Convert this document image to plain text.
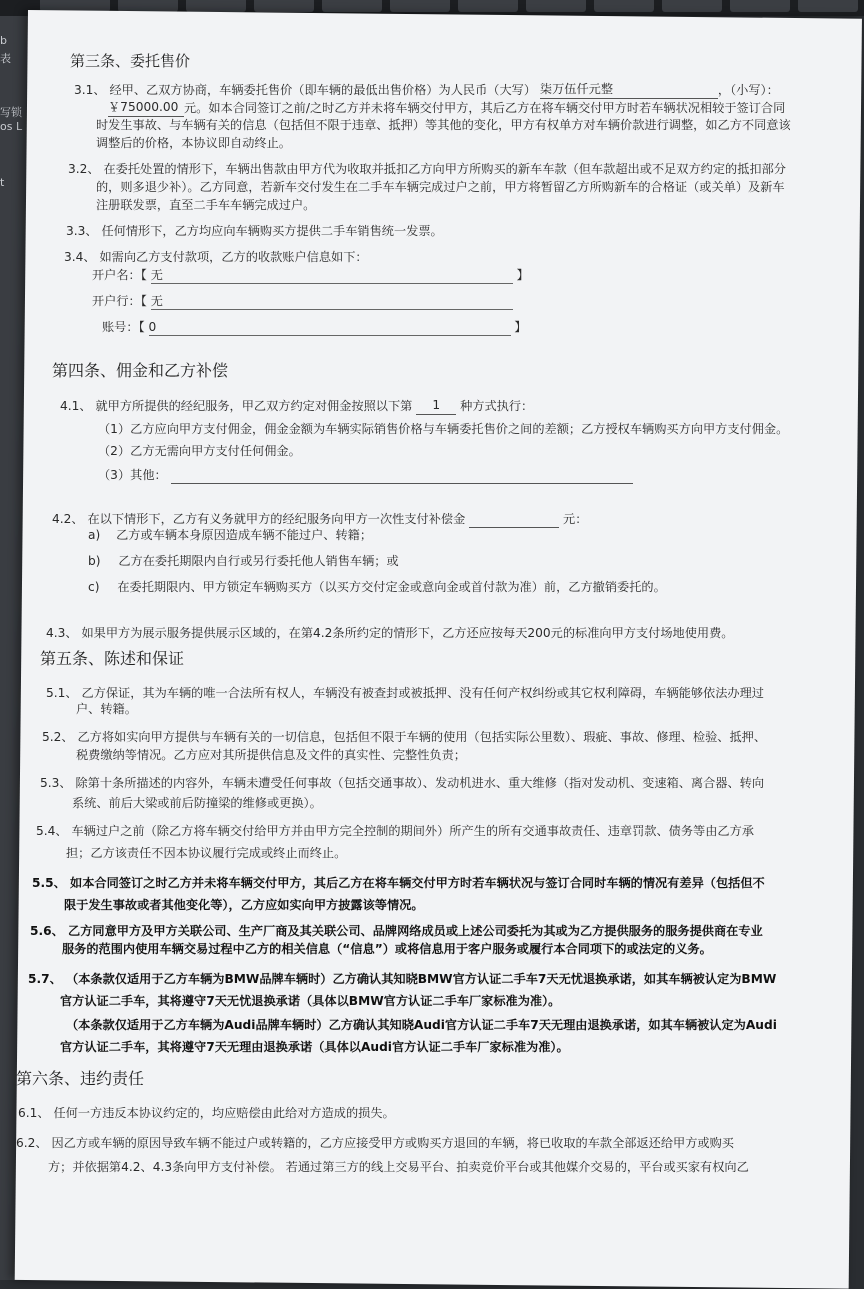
b
表
写锁
os L
t
第三条、委托售价
3.1、 经甲、乙双方协商，车辆委托售价（即车辆的最低出售价格）为人民币（大写） 柒万伍仟元整	，（小写）：
￥75000.00 元。如本合同签订之前/之时乙方并未将车辆交付甲方，其后乙方在将车辆交付甲方时若车辆状况相较于签订合同
时发生事故、与车辆有关的信息（包括但不限于违章、抵押）等其他的变化，甲方有权单方对车辆价款进行调整，如乙方不同意该
调整后的价格，本协议即自动终止。
3.2、 在委托处置的情形下，车辆出售款由甲方代为收取并抵扣乙方向甲方所购买的新车车款（但车款超出或不足双方约定的抵扣部分
的，则多退少补）。乙方同意，若新车交付发生在二手车车辆完成过户之前，甲方将暂留乙方所购新车的合格证（或关单）及新车
注册联发票，直至二手车车辆完成过户。
3.3、 任何情形下，乙方均应向车辆购买方提供二手车销售统一发票。
3.4、 如需向乙方支付款项，乙方的收款账户信息如下：
开户名：【 无	】
开户行：【 无
账号：【 0	】
第四条、佣金和乙方补偿
4.1、 就甲方所提供的经纪服务，甲乙双方约定对佣金按照以下第 1 种方式执行：
（1）乙方应向甲方支付佣金，佣金金额为车辆实际销售价格与车辆委托售价之间的差额；乙方授权车辆购买方向甲方支付佣金。
（2）乙方无需向甲方支付任何佣金。
（3）其他：
4.2、 在以下情形下，乙方有义务就甲方的经纪服务向甲方一次性支付补偿金	元：
a) 乙方或车辆本身原因造成车辆不能过户、转籍；
b) 乙方在委托期限内自行或另行委托他人销售车辆；或
c) 在委托期限内、甲方锁定车辆购买方（以买方交付定金或意向金或首付款为准）前，乙方撤销委托的。
4.3、 如果甲方为展示服务提供展示区域的，在第4.2条所约定的情形下，乙方还应按每天200元的标准向甲方支付场地使用费。
第五条、陈述和保证
5.1、 乙方保证，其为车辆的唯一合法所有权人，车辆没有被查封或被抵押、没有任何产权纠纷或其它权利障碍，车辆能够依法办理过
户、转籍。
5.2、 乙方将如实向甲方提供与车辆有关的一切信息，包括但不限于车辆的使用（包括实际公里数）、瑕疵、事故、修理、检验、抵押、
税费缴纳等情况。乙方应对其所提供信息及文件的真实性、完整性负责；
5.3、 除第十条所描述的内容外，车辆未遭受任何事故（包括交通事故）、发动机进水、重大维修（指对发动机、变速箱、离合器、转向
系统、前后大梁或前后防撞梁的维修或更换）。
5.4、 车辆过户之前（除乙方将车辆交付给甲方并由甲方完全控制的期间外）所产生的所有交通事故责任、违章罚款、债务等由乙方承
担；乙方该责任不因本协议履行完成或终止而终止。
5.5、 如本合同签订之时乙方并未将车辆交付甲方，其后乙方在将车辆交付甲方时若车辆状况与签订合同时车辆的情况有差异（包括但不
限于发生事故或者其他变化等），乙方应如实向甲方披露该等情况。
5.6、 乙方同意甲方及甲方关联公司、生产厂商及其关联公司、品牌网络成员或上述公司委托为其或为乙方提供服务的服务提供商在专业
服务的范围内使用车辆交易过程中乙方的相关信息（“信息”）或将信息用于客户服务或履行本合同项下的或法定的义务。
5.7、 （本条款仅适用于乙方车辆为BMW品牌车辆时）乙方确认其知晓BMW官方认证二手车7天无忧退换承诺，如其车辆被认定为BMW
官方认证二手车，其将遵守7天无忧退换承诺（具体以BMW官方认证二手车厂家标准为准）。
（本条款仅适用于乙方车辆为Audi品牌车辆时）乙方确认其知晓Audi官方认证二手车7天无理由退换承诺，如其车辆被认定为Audi
官方认证二手车，其将遵守7天无理由退换承诺（具体以Audi官方认证二手车厂家标准为准）。
第六条、违约责任
6.1、 任何一方违反本协议约定的，均应赔偿由此给对方造成的损失。
6.2、 因乙方或车辆的原因导致车辆不能过户或转籍的，乙方应接受甲方或购买方退回的车辆，将已收取的车款全部返还给甲方或购买
方；并依据第4.2、4.3条向甲方支付补偿。 若通过第三方的线上交易平台、拍卖竞价平台或其他媒介交易的，平台或买家有权向乙
